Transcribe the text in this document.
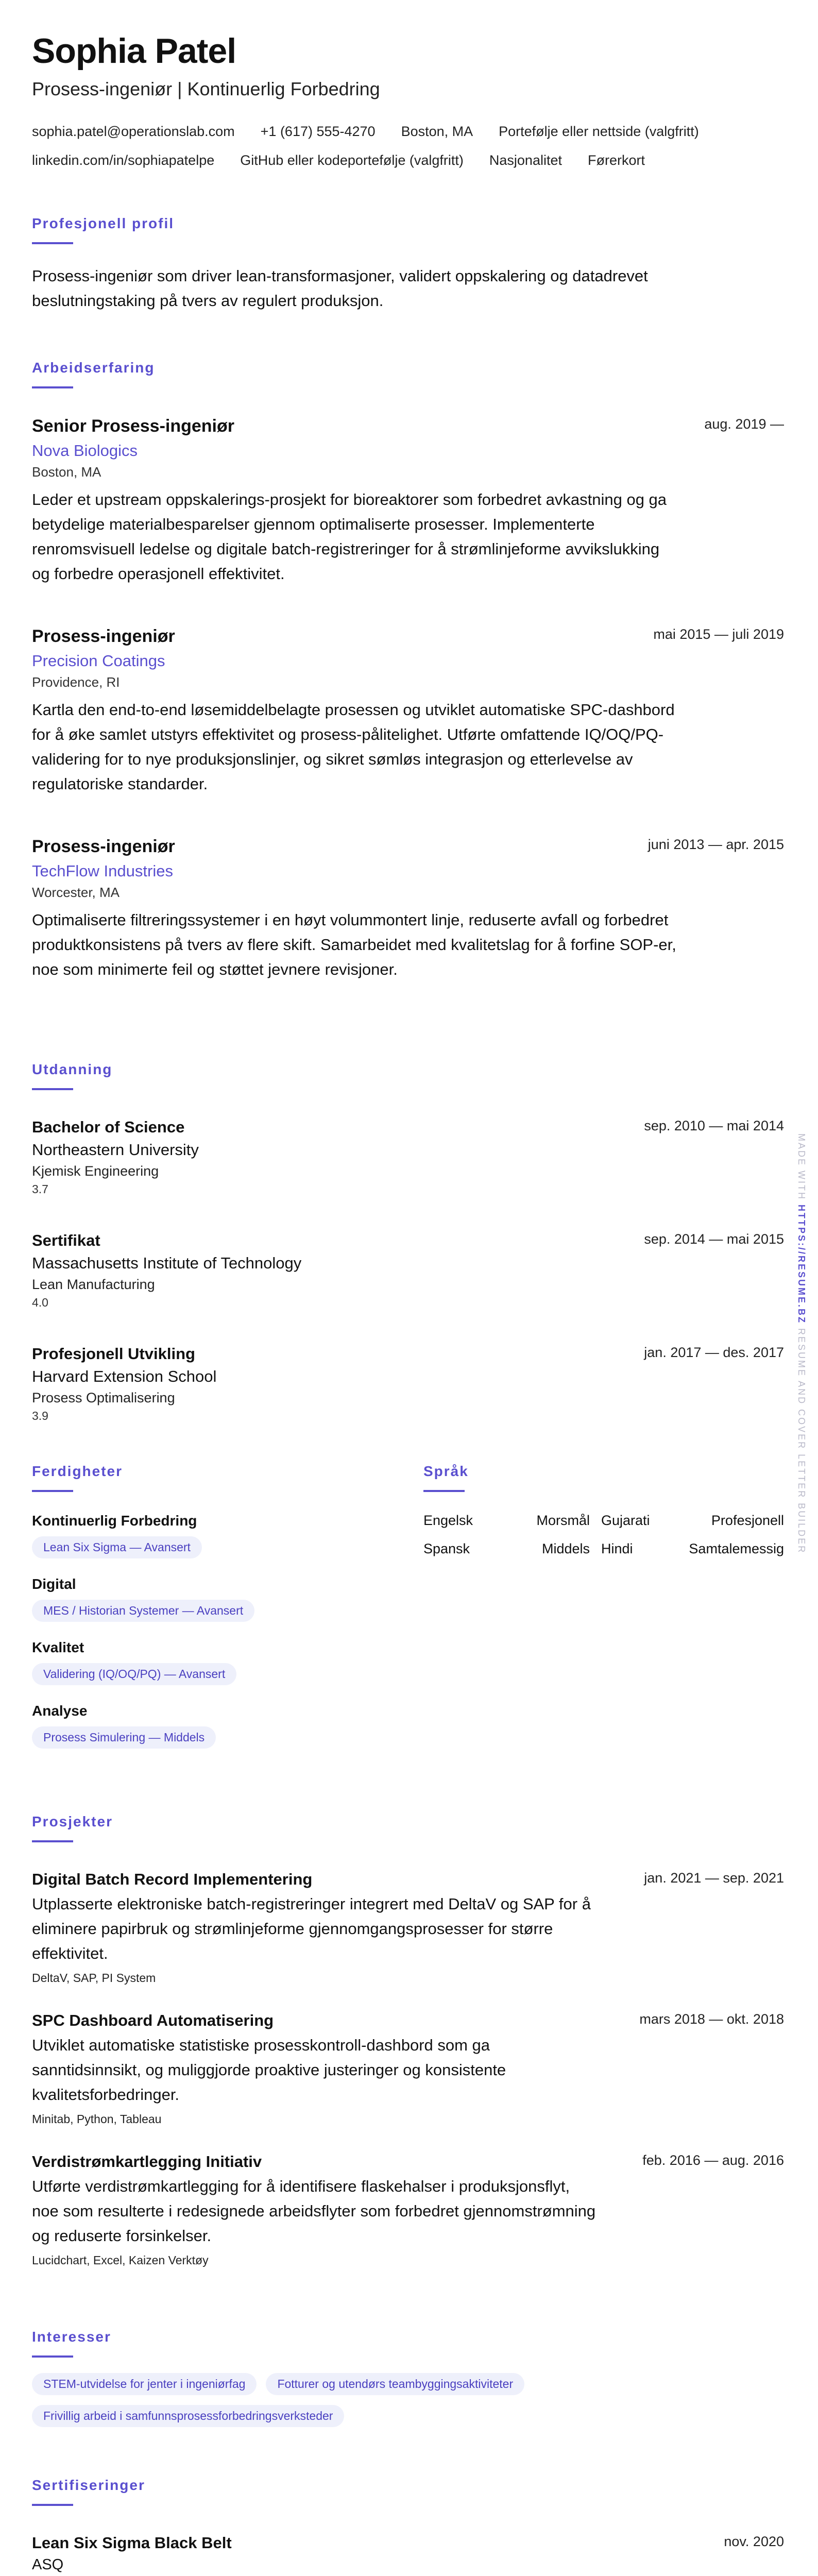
Sophia Patel
Prosess-ingeniør | Kontinuerlig Forbedring
sophia.patel@operationslab.com +1 (617) 555-4270 Boston, MA Portefølje eller nettside (valgfritt)
linkedin.com/in/sophiapatelpe GitHub eller kodeportefølje (valgfritt) Nasjonalitet Førerkort
Profesjonell profil
Prosess-ingeniør som driver lean-transformasjoner, validert oppskalering og datadrevet beslutningstaking på tvers av regulert produksjon.
Arbeidserfaring
Senior Prosess-ingeniør	aug. 2019 —
Nova Biologics
Boston, MA
Leder et upstream oppskalerings-prosjekt for bioreaktorer som forbedret avkastning og ga betydelige materialbesparelser gjennom optimaliserte prosesser. Implementerte renromsvisuell ledelse og digitale batch-registreringer for å strømlinjeforme avvikslukking og forbedre operasjonell effektivitet.
Prosess-ingeniør	mai 2015 — juli 2019
Precision Coatings
Providence, RI
Kartla den end-to-end løsemiddelbelagte prosessen og utviklet automatiske SPC-dashbord for å øke samlet utstyrs effektivitet og prosess-pålitelighet. Utførte omfattende IQ/OQ/PQ-validering for to nye produksjonslinjer, og sikret sømløs integrasjon og etterlevelse av regulatoriske standarder.
Prosess-ingeniør	juni 2013 — apr. 2015
TechFlow Industries
Worcester, MA
Optimaliserte filtreringssystemer i en høyt volummontert linje, reduserte avfall og forbedret produktkonsistens på tvers av flere skift. Samarbeidet med kvalitetslag for å forfine SOP-er, noe som minimerte feil og støttet jevnere revisjoner.
Utdanning
Bachelor of Science	sep. 2010 — mai 2014
Northeastern University
Kjemisk Engineering
3.7
Sertifikat	sep. 2014 — mai 2015
Massachusetts Institute of Technology
Lean Manufacturing
4.0
Profesjonell Utvikling	jan. 2017 — des. 2017
Harvard Extension School
Prosess Optimalisering
3.9
Ferdigheter
Kontinuerlig Forbedring
Lean Six Sigma — Avansert
Digital
MES / Historian Systemer — Avansert
Kvalitet
Validering (IQ/OQ/PQ) — Avansert
Analyse
Prosess Simulering — Middels
Språk
Engelsk	Morsmål Gujarati	Profesjonell
Spansk	Middels Hindi	Samtalemessig
Prosjekter
Digital Batch Record Implementering	jan. 2021 — sep. 2021
Utplasserte elektroniske batch-registreringer integrert med DeltaV og SAP for å eliminere papirbruk og strømlinjeforme gjennomgangsprosesser for større effektivitet.
DeltaV, SAP, PI System
SPC Dashboard Automatisering	mars 2018 — okt. 2018
Utviklet automatiske statistiske prosesskontroll-dashbord som ga sanntidsinnsikt, og muliggjorde proaktive justeringer og konsistente kvalitetsforbedringer.
Minitab, Python, Tableau
Verdistrømkartlegging Initiativ	feb. 2016 — aug. 2016
Utførte verdistrømkartlegging for å identifisere flaskehalser i produksjonsflyt, noe som resulterte i redesignede arbeidsflyter som forbedret gjennomstrømning og reduserte forsinkelser.
Lucidchart, Excel, Kaizen Verktøy
Interesser
STEM-utvidelse for jenter i ingeniørfag	Fotturer og utendørs teambyggingsaktiviteter
Frivillig arbeid i samfunnsprosessforbedringsverksteder
Sertifiseringer
Lean Six Sigma Black Belt	nov. 2020
ASQ
MADE WITH HTTPS://RESUME.BZ RESUME AND COVER LETTER BUILDER
